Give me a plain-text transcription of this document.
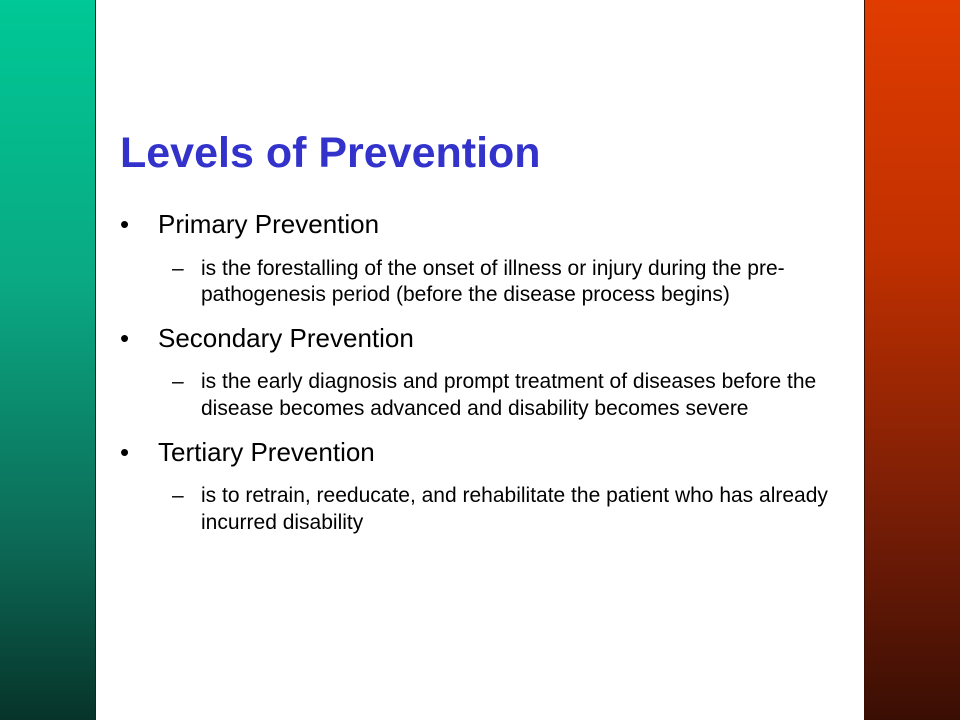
Levels of Prevention
•	Primary Prevention
– is the forestalling of the onset of illness or injury during the pre-pathogenesis period (before the disease process begins)
•	Secondary Prevention
– is the early diagnosis and prompt treatment of diseases before the disease becomes advanced and disability becomes severe
•	Tertiary Prevention
– is to retrain, reeducate, and rehabilitate the patient who has already incurred disability
